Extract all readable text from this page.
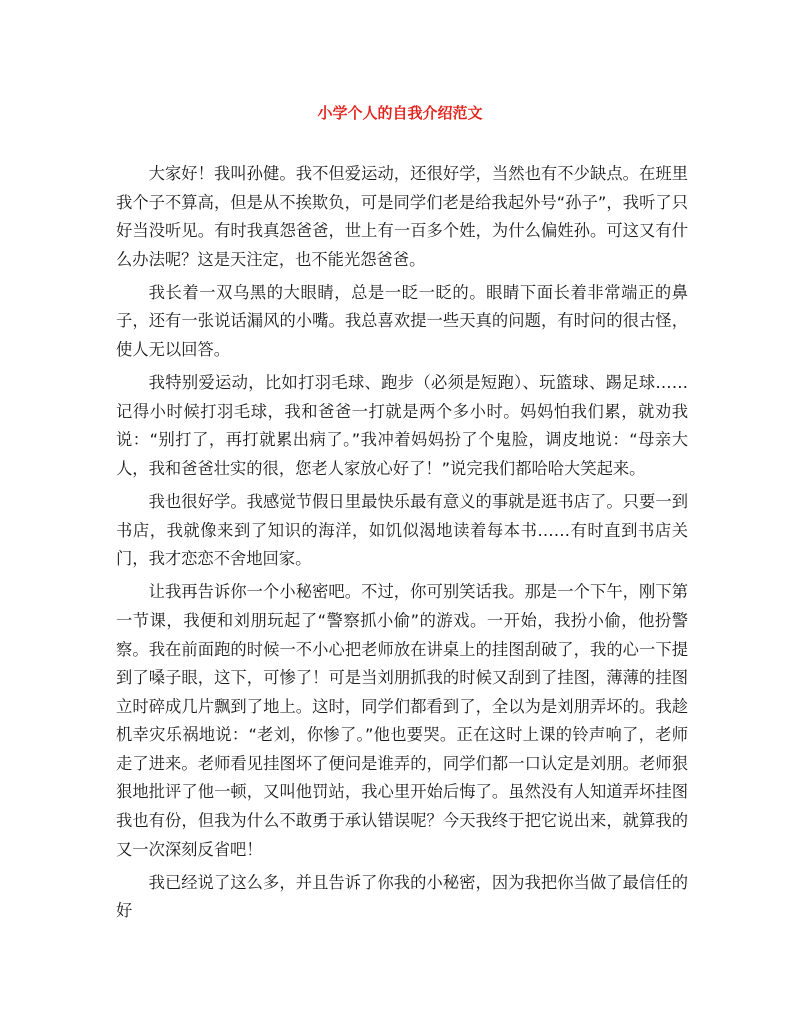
小学个人的自我介绍范文

大家好！我叫孙健。我不但爱运动，还很好学，当然也有不少缺点。在班里我个子不算高，但是从不挨欺负，可是同学们老是给我起外号“孙子”，我听了只好当没听见。有时我真怨爸爸，世上有一百多个姓，为什么偏姓孙。可这又有什么办法呢？这是天注定，也不能光怨爸爸。

我长着一双乌黑的大眼睛，总是一眨一眨的。眼睛下面长着非常端正的鼻子，还有一张说话漏风的小嘴。我总喜欢提一些天真的问题，有时问的很古怪，使人无以回答。

我特别爱运动，比如打羽毛球、跑步（必须是短跑）、玩篮球、踢足球……记得小时候打羽毛球，我和爸爸一打就是两个多小时。妈妈怕我们累，就劝我说：“别打了，再打就累出病了。”我冲着妈妈扮了个鬼脸，调皮地说：“母亲大人，我和爸爸壮实的很，您老人家放心好了！”说完我们都哈哈大笑起来。

我也很好学。我感觉节假日里最快乐最有意义的事就是逛书店了。只要一到书店，我就像来到了知识的海洋，如饥似渴地读着每本书……有时直到书店关门，我才恋恋不舍地回家。

让我再告诉你一个小秘密吧。不过，你可别笑话我。那是一个下午，刚下第一节课，我便和刘朋玩起了“警察抓小偷”的游戏。一开始，我扮小偷，他扮警察。我在前面跑的时候一不小心把老师放在讲桌上的挂图刮破了，我的心一下提到了嗓子眼，这下，可惨了！可是当刘朋抓我的时候又刮到了挂图，薄薄的挂图立时碎成几片飘到了地上。这时，同学们都看到了，全以为是刘朋弄坏的。我趁机幸灾乐祸地说：“老刘，你惨了。”他也要哭。正在这时上课的铃声响了，老师走了进来。老师看见挂图坏了便问是谁弄的，同学们都一口认定是刘朋。老师狠狠地批评了他一顿，又叫他罚站，我心里开始后悔了。虽然没有人知道弄坏挂图我也有份，但我为什么不敢勇于承认错误呢？今天我终于把它说出来，就算我的又一次深刻反省吧！

我已经说了这么多，并且告诉了你我的小秘密，因为我把你当做了最信任的好
